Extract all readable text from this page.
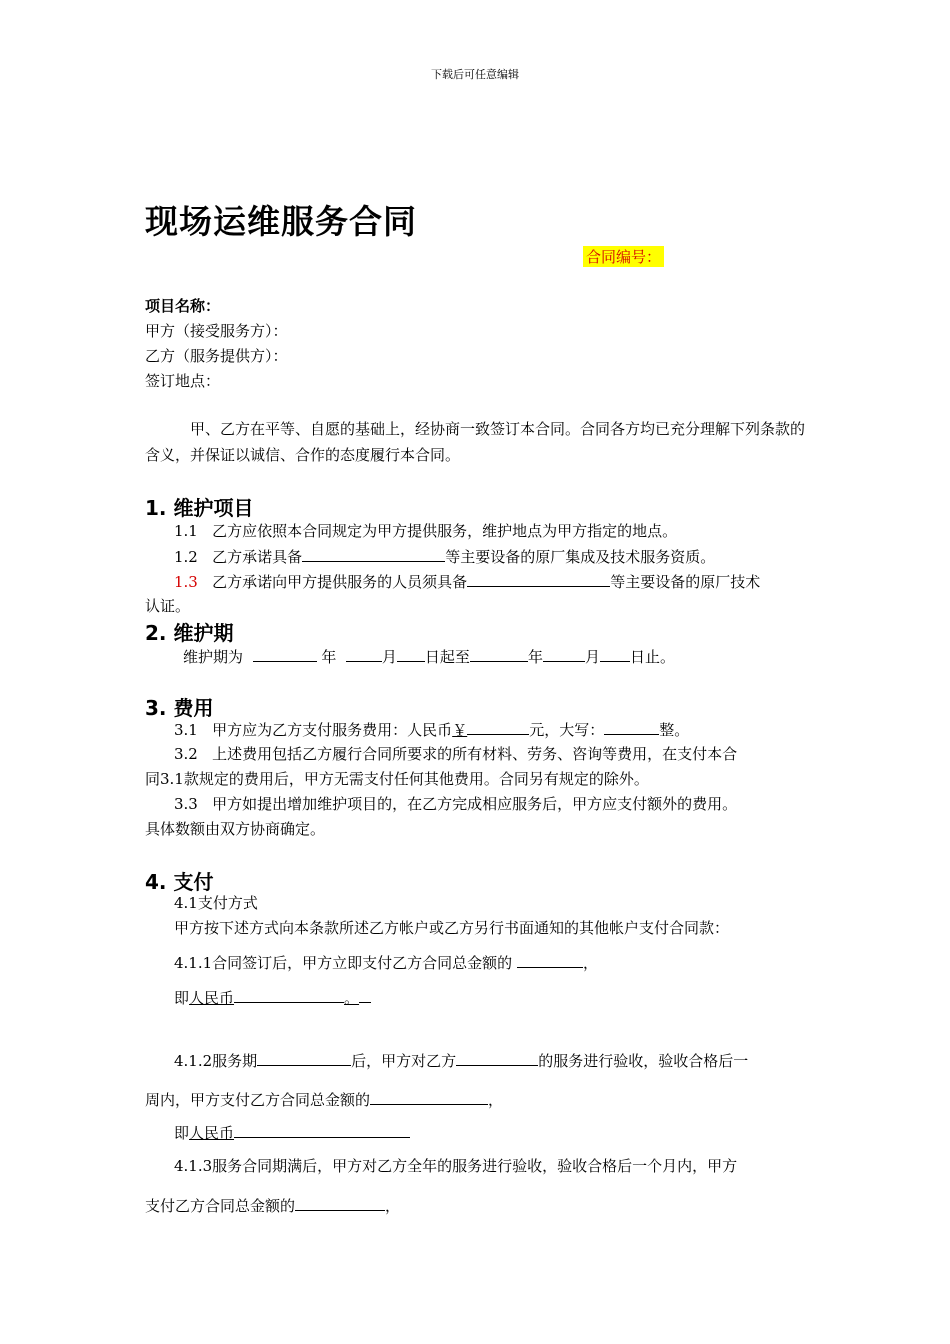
下载后可任意编辑
现场运维服务合同
合同编号：
项目名称：
甲方（接受服务方）：
乙方（服务提供方）：
签订地点：
甲、乙方在平等、自愿的基础上，经协商一致签订本合同。合同各方均已充分理解下列条款的含义，并保证以诚信、合作的态度履行本合同。
1. 维护项目
1.1 乙方应依照本合同规定为甲方提供服务，维护地点为甲方指定的地点。
1.2 乙方承诺具备	等主要设备的原厂集成及技术服务资质。
1.3 乙方承诺向甲方提供服务的人员须具备	等主要设备的原厂技术
认证。
2. 维护期
维护期为	年	月 日起至	年	月 日止。
3. 费用
3.1 甲方应为乙方支付服务费用：人民币￥	元，大写：	整。
3.2 上述费用包括乙方履行合同所要求的所有材料、劳务、咨询等费用，在支付本合
同3.1款规定的费用后，甲方无需支付任何其他费用。合同另有规定的除外。
3.3 甲方如提出增加维护项目的，在乙方完成相应服务后，甲方应支付额外的费用。
具体数额由双方协商确定。
4. 支付
4.1支付方式
甲方按下述方式向本条款所述乙方帐户或乙方另行书面通知的其他帐户支付合同款：
4.1.1合同签订后，甲方立即支付乙方合同总金额的	，
即人民币	。
4.1.2服务期	后，甲方对乙方	的服务进行验收，验收合格后一
周内，甲方支付乙方合同总金额的	，
即人民币
4.1.3服务合同期满后，甲方对乙方全年的服务进行验收，验收合格后一个月内，甲方
支付乙方合同总金额的	，
